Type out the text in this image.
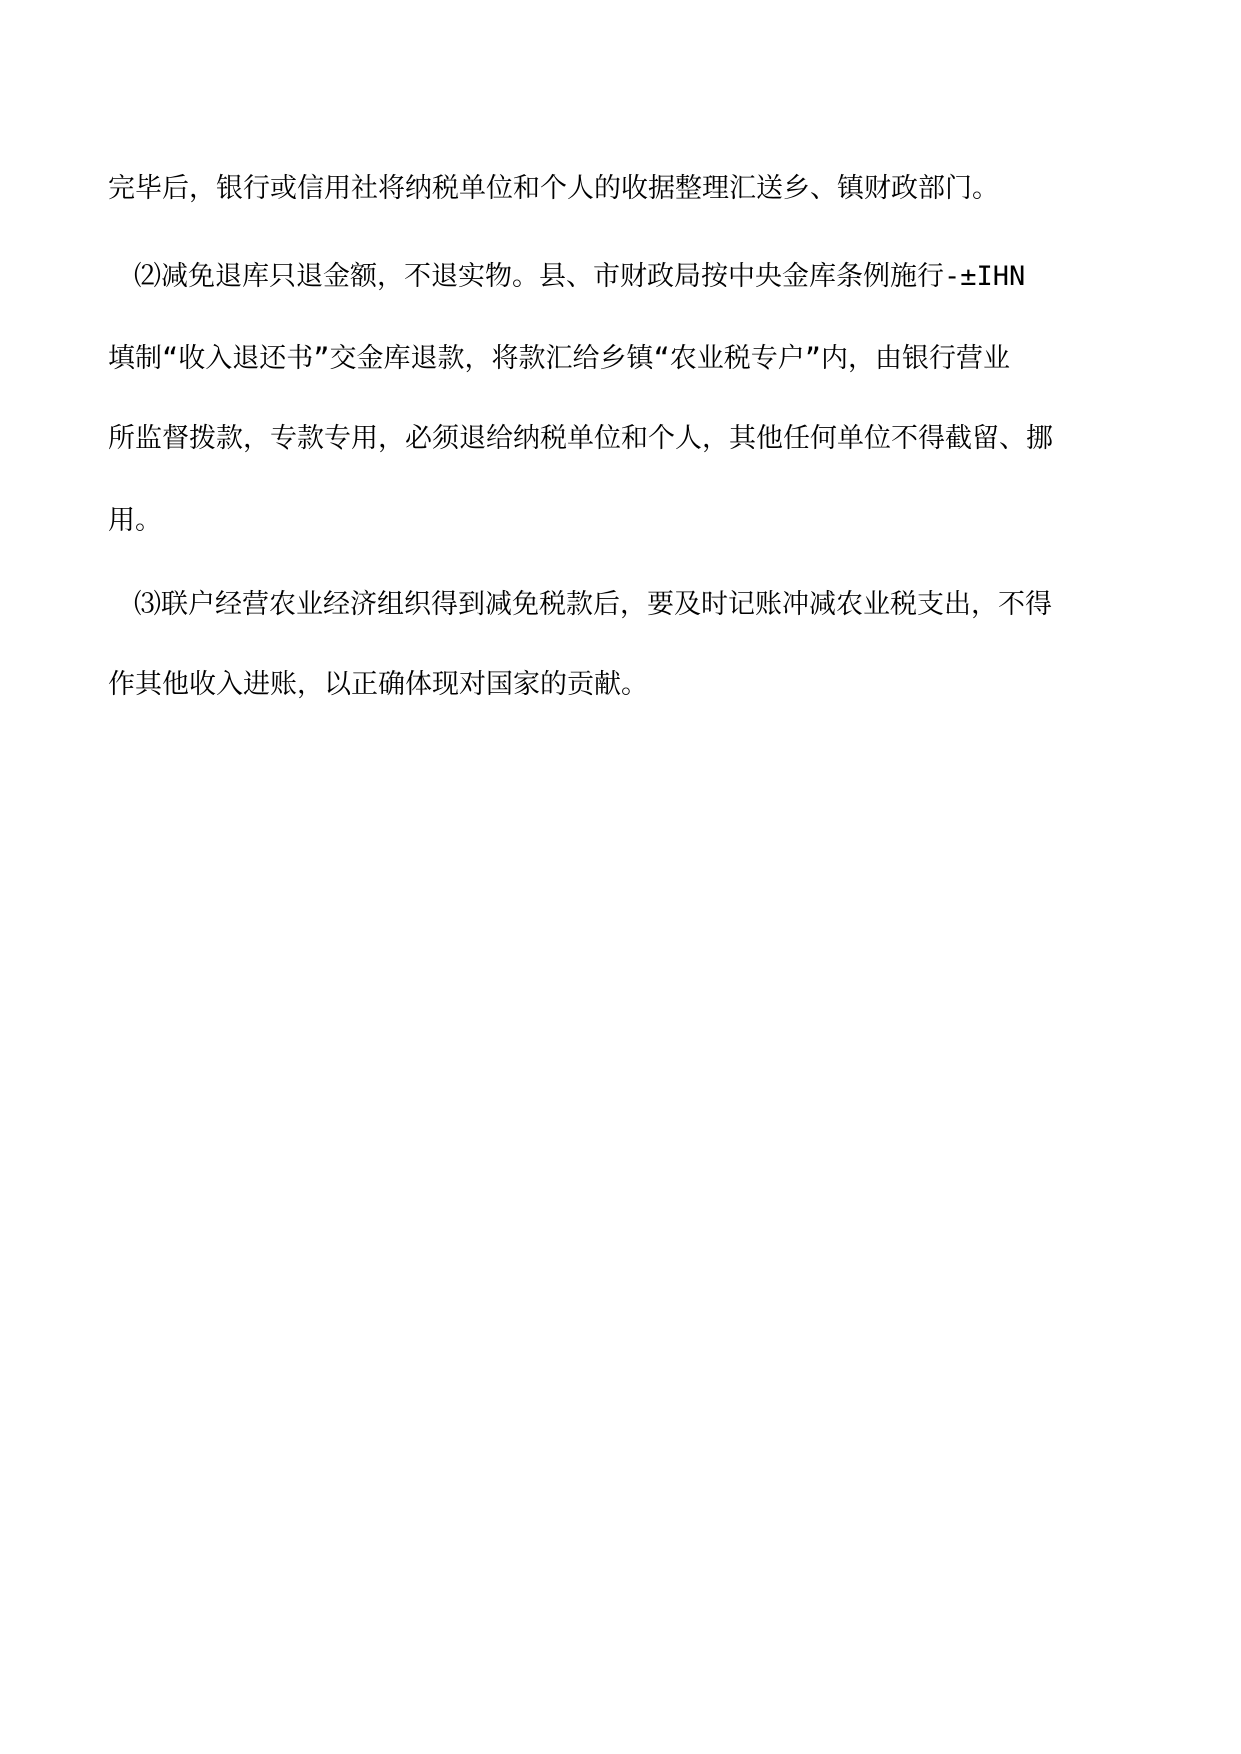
完毕后，银行或信用社将纳税单位和个人的收据整理汇送乡、镇财政部门。
⑵减免退库只退金额，不退实物。县、市财政局按中央金库条例施行-±IHN
填制“收入退还书”交金库退款，将款汇给乡镇“农业税专户”内，由银行营业
所监督拨款，专款专用，必须退给纳税单位和个人，其他任何单位不得截留、挪
用。
⑶联户经营农业经济组织得到减免税款后，要及时记账冲减农业税支出，不得
作其他收入进账，以正确体现对国家的贡献。
